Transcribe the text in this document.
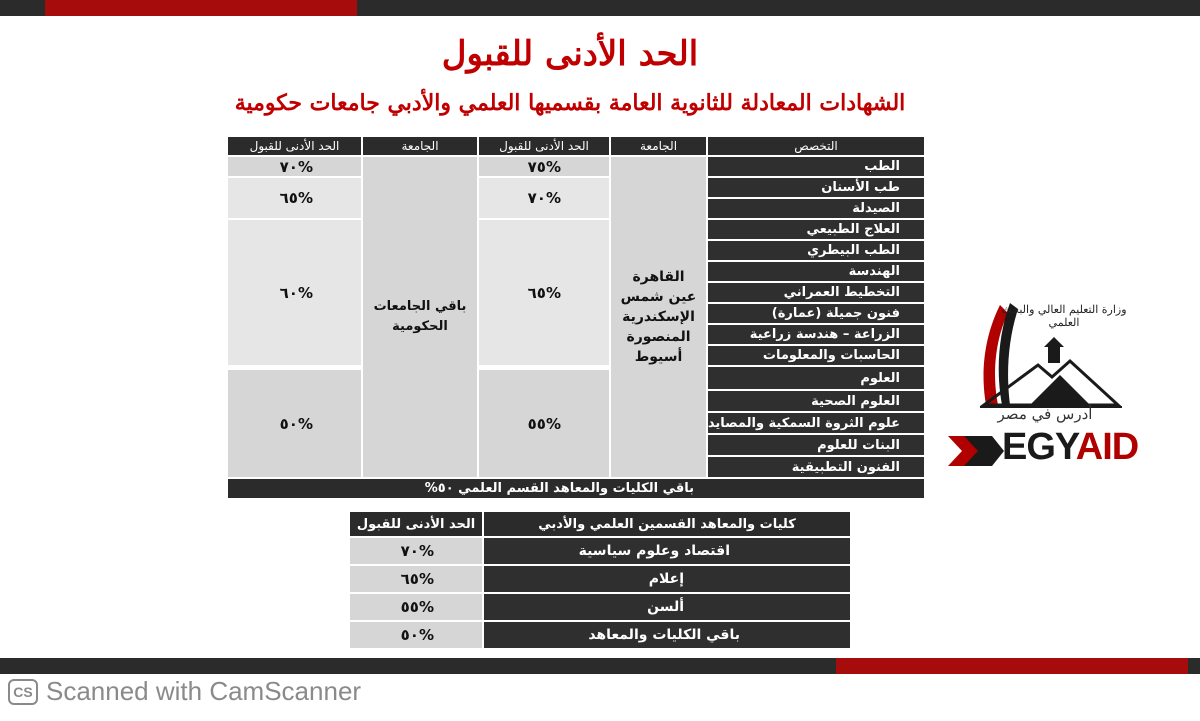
الحد الأدنى للقبول
الشهادات المعادلة للثانوية العامة بقسميها العلمي والأدبي جامعات حكومية
التخصص
الجامعة
الحد الأدنى للقبول
الجامعة
الحد الأدنى للقبول
الطب
طب الأسنان
الصيدلة
العلاج الطبيعي
الطب البيطري
الهندسة
التخطيط العمراني
فنون جميلة (عمارة)
الزراعة – هندسة زراعية
الحاسبات والمعلومات
العلوم
العلوم الصحية
علوم الثروة السمكية والمصايد
البنات للعلوم
الفنون التطبيقية
القاهرة
عين شمس
الإسكندرية
المنصورة
أسيوط
%٧٥
%٧٠
%٦٥
%٥٥
باقي الجامعات
الحكومية
%٧٠
%٦٥
%٦٠
%٥٠
باقي الكليات والمعاهد القسم العلمي ٥٠%
كليات والمعاهد القسمين العلمي والأدبي
الحد الأدنى للقبول
اقتصاد وعلوم سياسية
%٧٠
إعلام
%٦٥
ألسن
%٥٥
باقي الكليات والمعاهد
%٥٠
وزارة التعليم العالي والبحث العلمي
أدرس في مصر
EGYAID
CS Scanned with CamScanner
